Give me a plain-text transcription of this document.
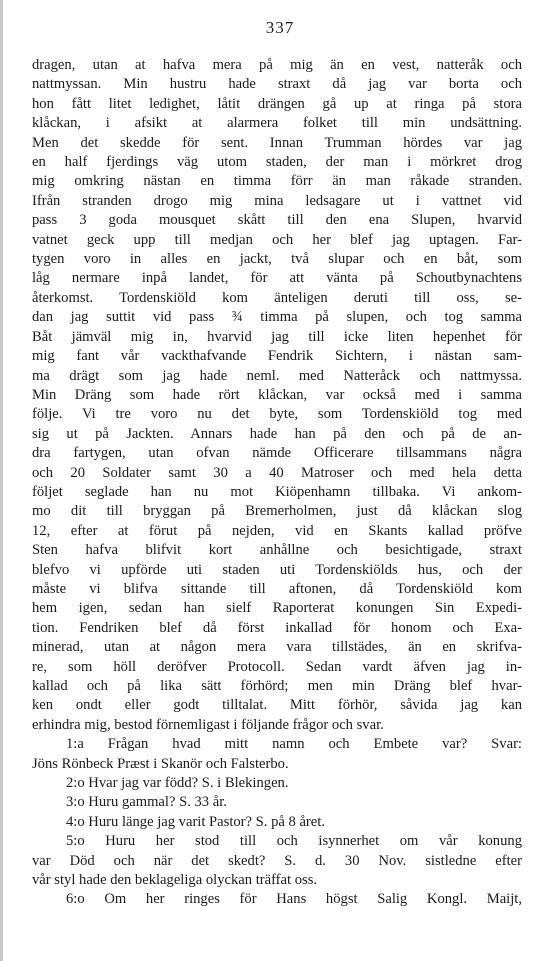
337
dragen, utan at hafva mera på mig än en vest, natteråk och
nattmyssan. Min hustru hade straxt då jag var borta och
hon fått litet ledighet, låtit drängen gå up at ringa på stora
klåckan, i afsikt at alarmera folket till min undsättning.
Men det skedde för sent. Innan Trumman hördes var jag
en half fjerdings väg utom staden, der man i mörkret drog
mig omkring nästan en timma förr än man råkade stranden.
Ifrån stranden drogo mig mina ledsagare ut i vattnet vid
pass 3 goda mousquet skått till den ena Slupen, hvarvid
vatnet geck upp till medjan och her blef jag uptagen. Far-
tygen voro in alles en jackt, två slupar och en båt, som
låg nermare inpå landet, för att vänta på Schoutbynachtens
återkomst. Tordenskiöld kom änteligen deruti till oss, se-
dan jag suttit vid pass ¾ timma på slupen, och tog samma
Båt jämväl mig in, hvarvid jag till icke liten hepenhet för
mig fant vår vackthafvande Fendrik Sichtern, i nästan sam-
ma drägt som jag hade neml. med Natteråck och nattmyssa.
Min Dräng som hade rört klåckan, var också med i samma
följe. Vi tre voro nu det byte, som Tordenskiöld tog med
sig ut på Jackten. Annars hade han på den och på de an-
dra fartygen, utan ofvan nämde Officerare tillsammans några
och 20 Soldater samt 30 a 40 Matroser och med hela detta
följet seglade han nu mot Kiöpenhamn tillbaka. Vi ankom-
mo dit till bryggan på Bremerholmen, just då klåckan slog
12, efter at förut på nejden, vid en Skants kallad pröfve
Sten hafva blifvit kort anhållne och besichtigade, straxt
blefvo vi upförde uti staden uti Tordenskiölds hus, och der
måste vi blifva sittande till aftonen, då Tordenskiöld kom
hem igen, sedan han sielf Raporterat konungen Sin Expedi-
tion. Fendriken blef då först inkallad för honom och Exa-
minerad, utan at någon mera vara tillstädes, än en skrifva-
re, som höll deröfver Protocoll. Sedan vardt äfven jag in-
kallad och på lika sätt förhörd; men min Dräng blef hvar-
ken ondt eller godt tilltalat. Mitt förhör, såvida jag kan
erhindra mig, bestod förnemligast i följande frågor och svar.
1:a Frågan hvad mitt namn och Embete var? Svar:
Jöns Rönbeck Præst i Skanör och Falsterbo.
2:o Hvar jag var född? S. i Blekingen.
3:o Huru gammal? S. 33 år.
4:o Huru länge jag varit Pastor? S. på 8 året.
5:o Huru her stod till och isynnerhet om vår konung
var Död och när det skedt? S. d. 30 Nov. sistledne efter
vår styl hade den beklageliga olyckan träffat oss.
6:o Om her ringes för Hans högst Salig Kongl. Maijt,
